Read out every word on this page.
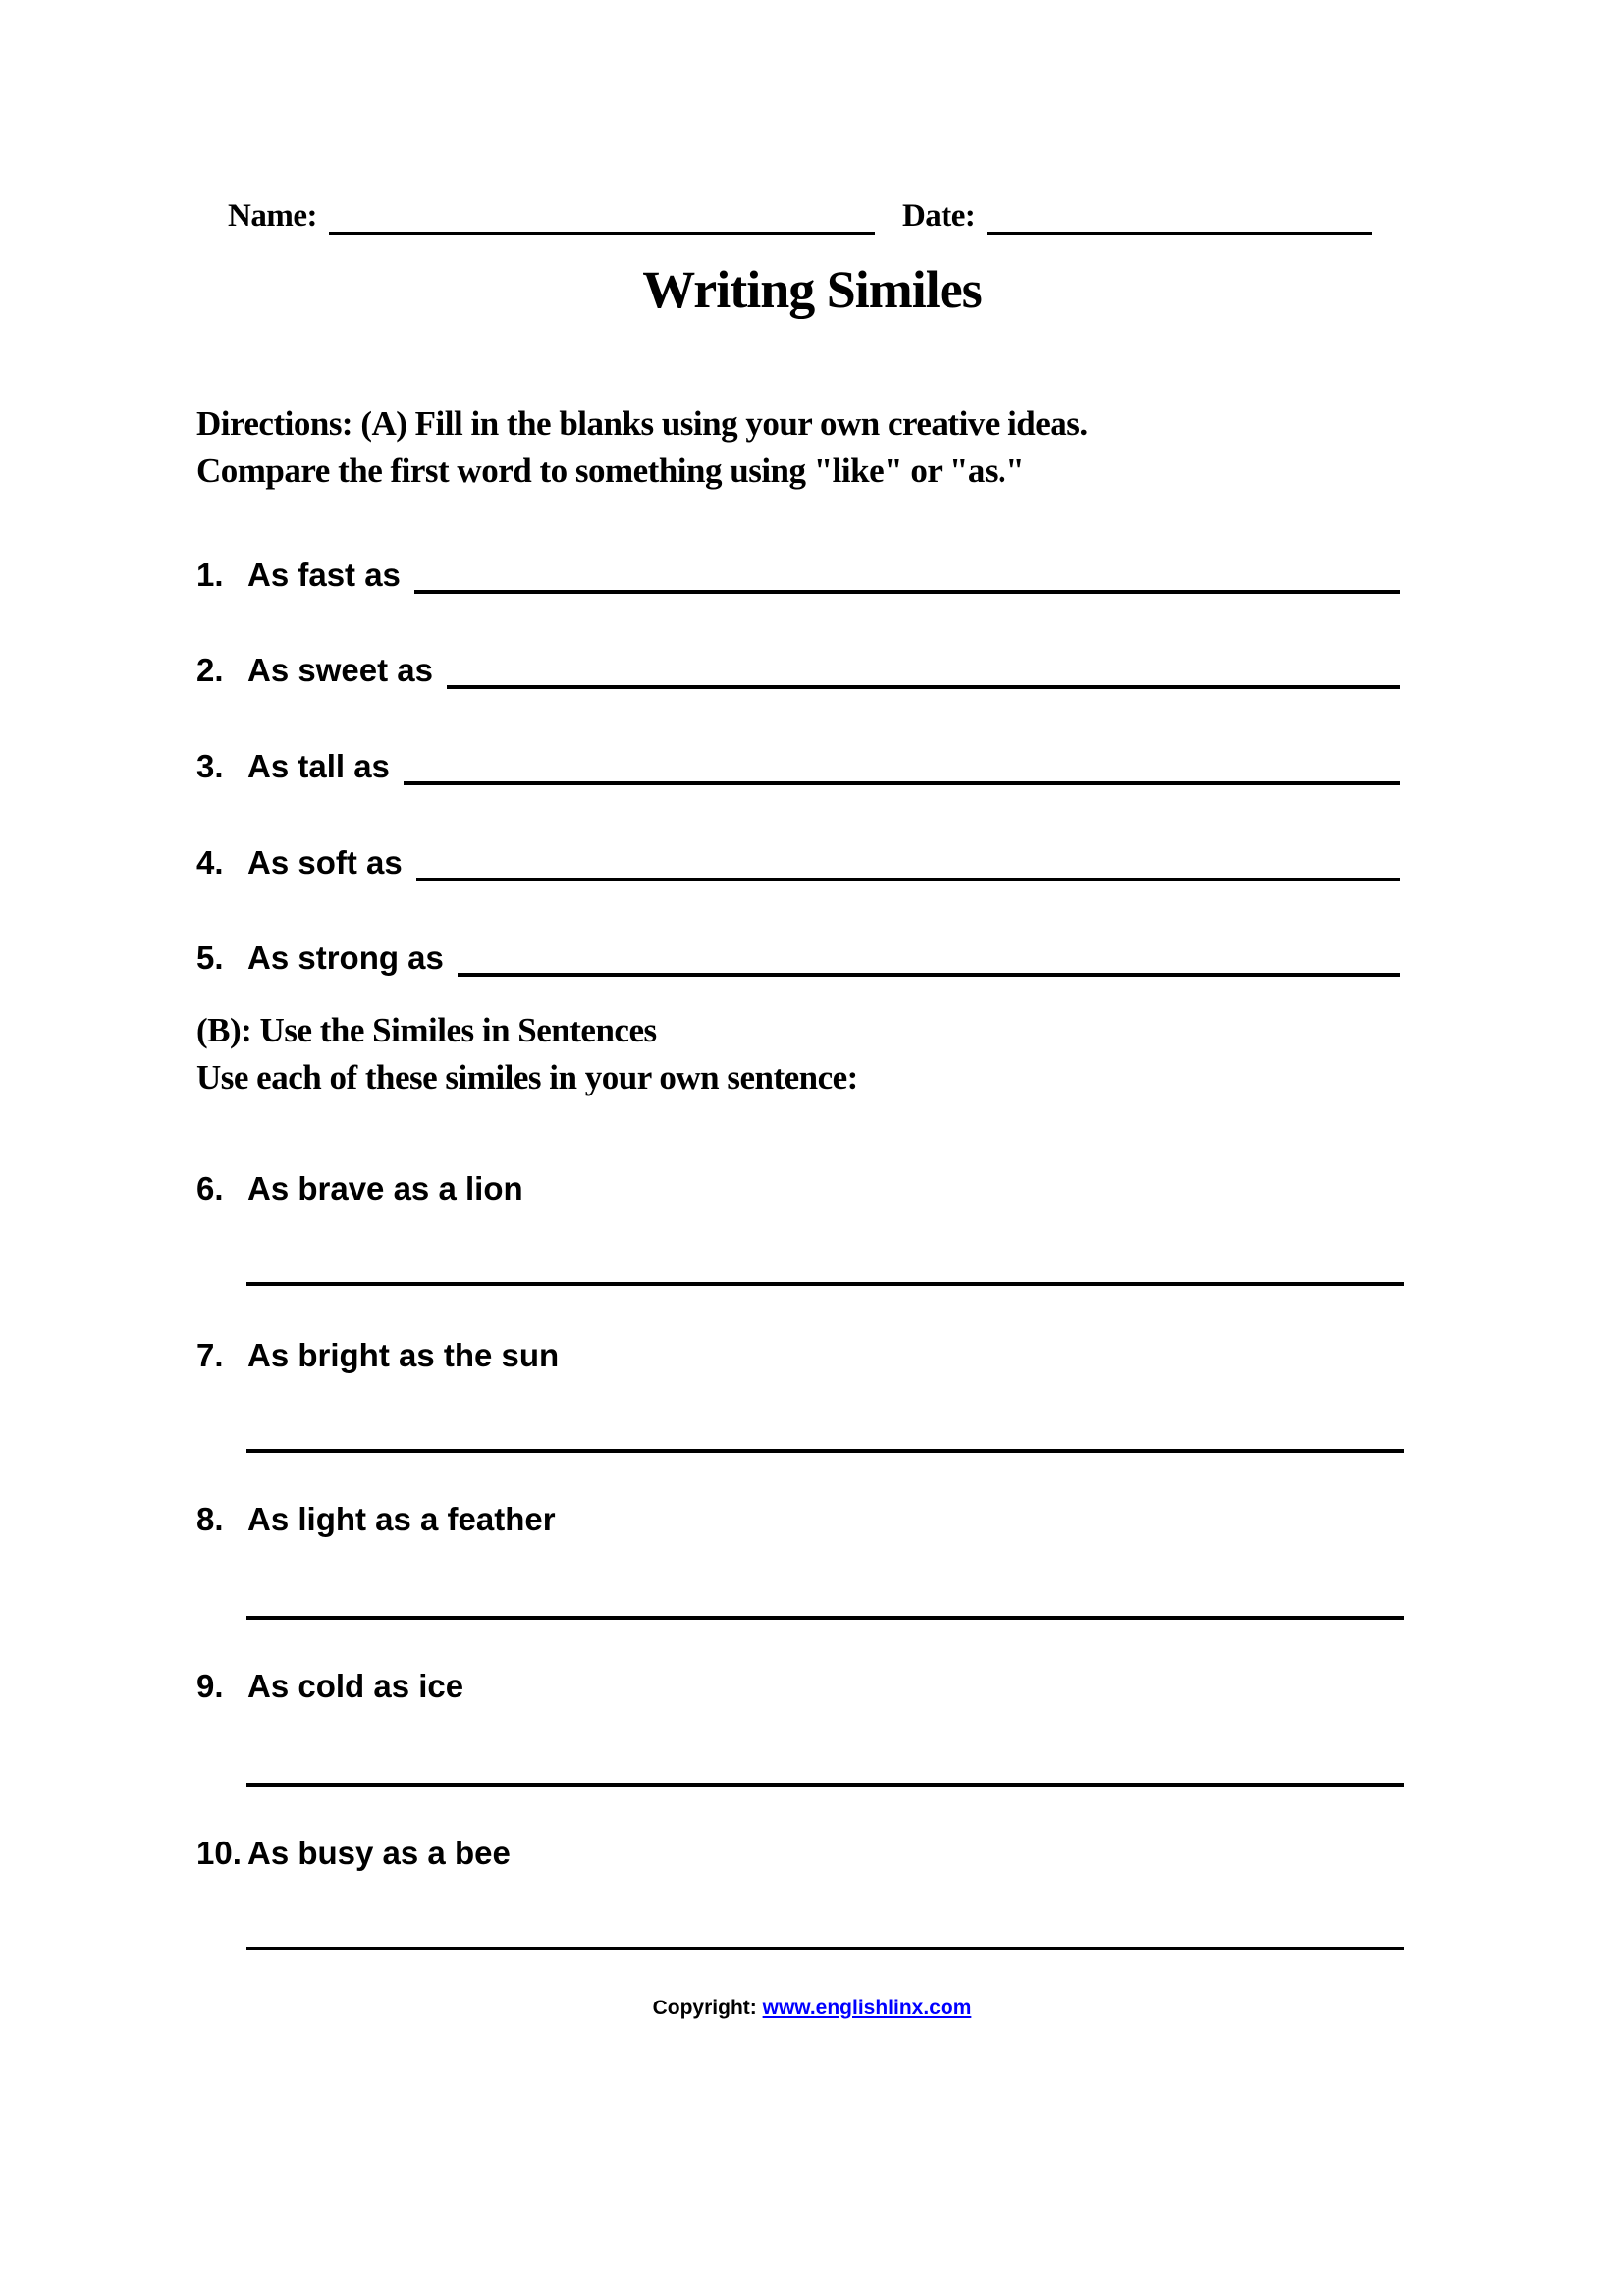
Name:	Date:
Writing Similes
Directions: (A) Fill in the blanks using your own creative ideas.
Compare the first word to something using "like" or "as."
1. As fast as
2. As sweet as
3. As tall as
4. As soft as
5. As strong as
(B): Use the Similes in Sentences
Use each of these similes in your own sentence:
6. As brave as a lion
7. As bright as the sun
8. As light as a feather
9. As cold as ice
10. As busy as a bee
Copyright: www.englishlinx.com
